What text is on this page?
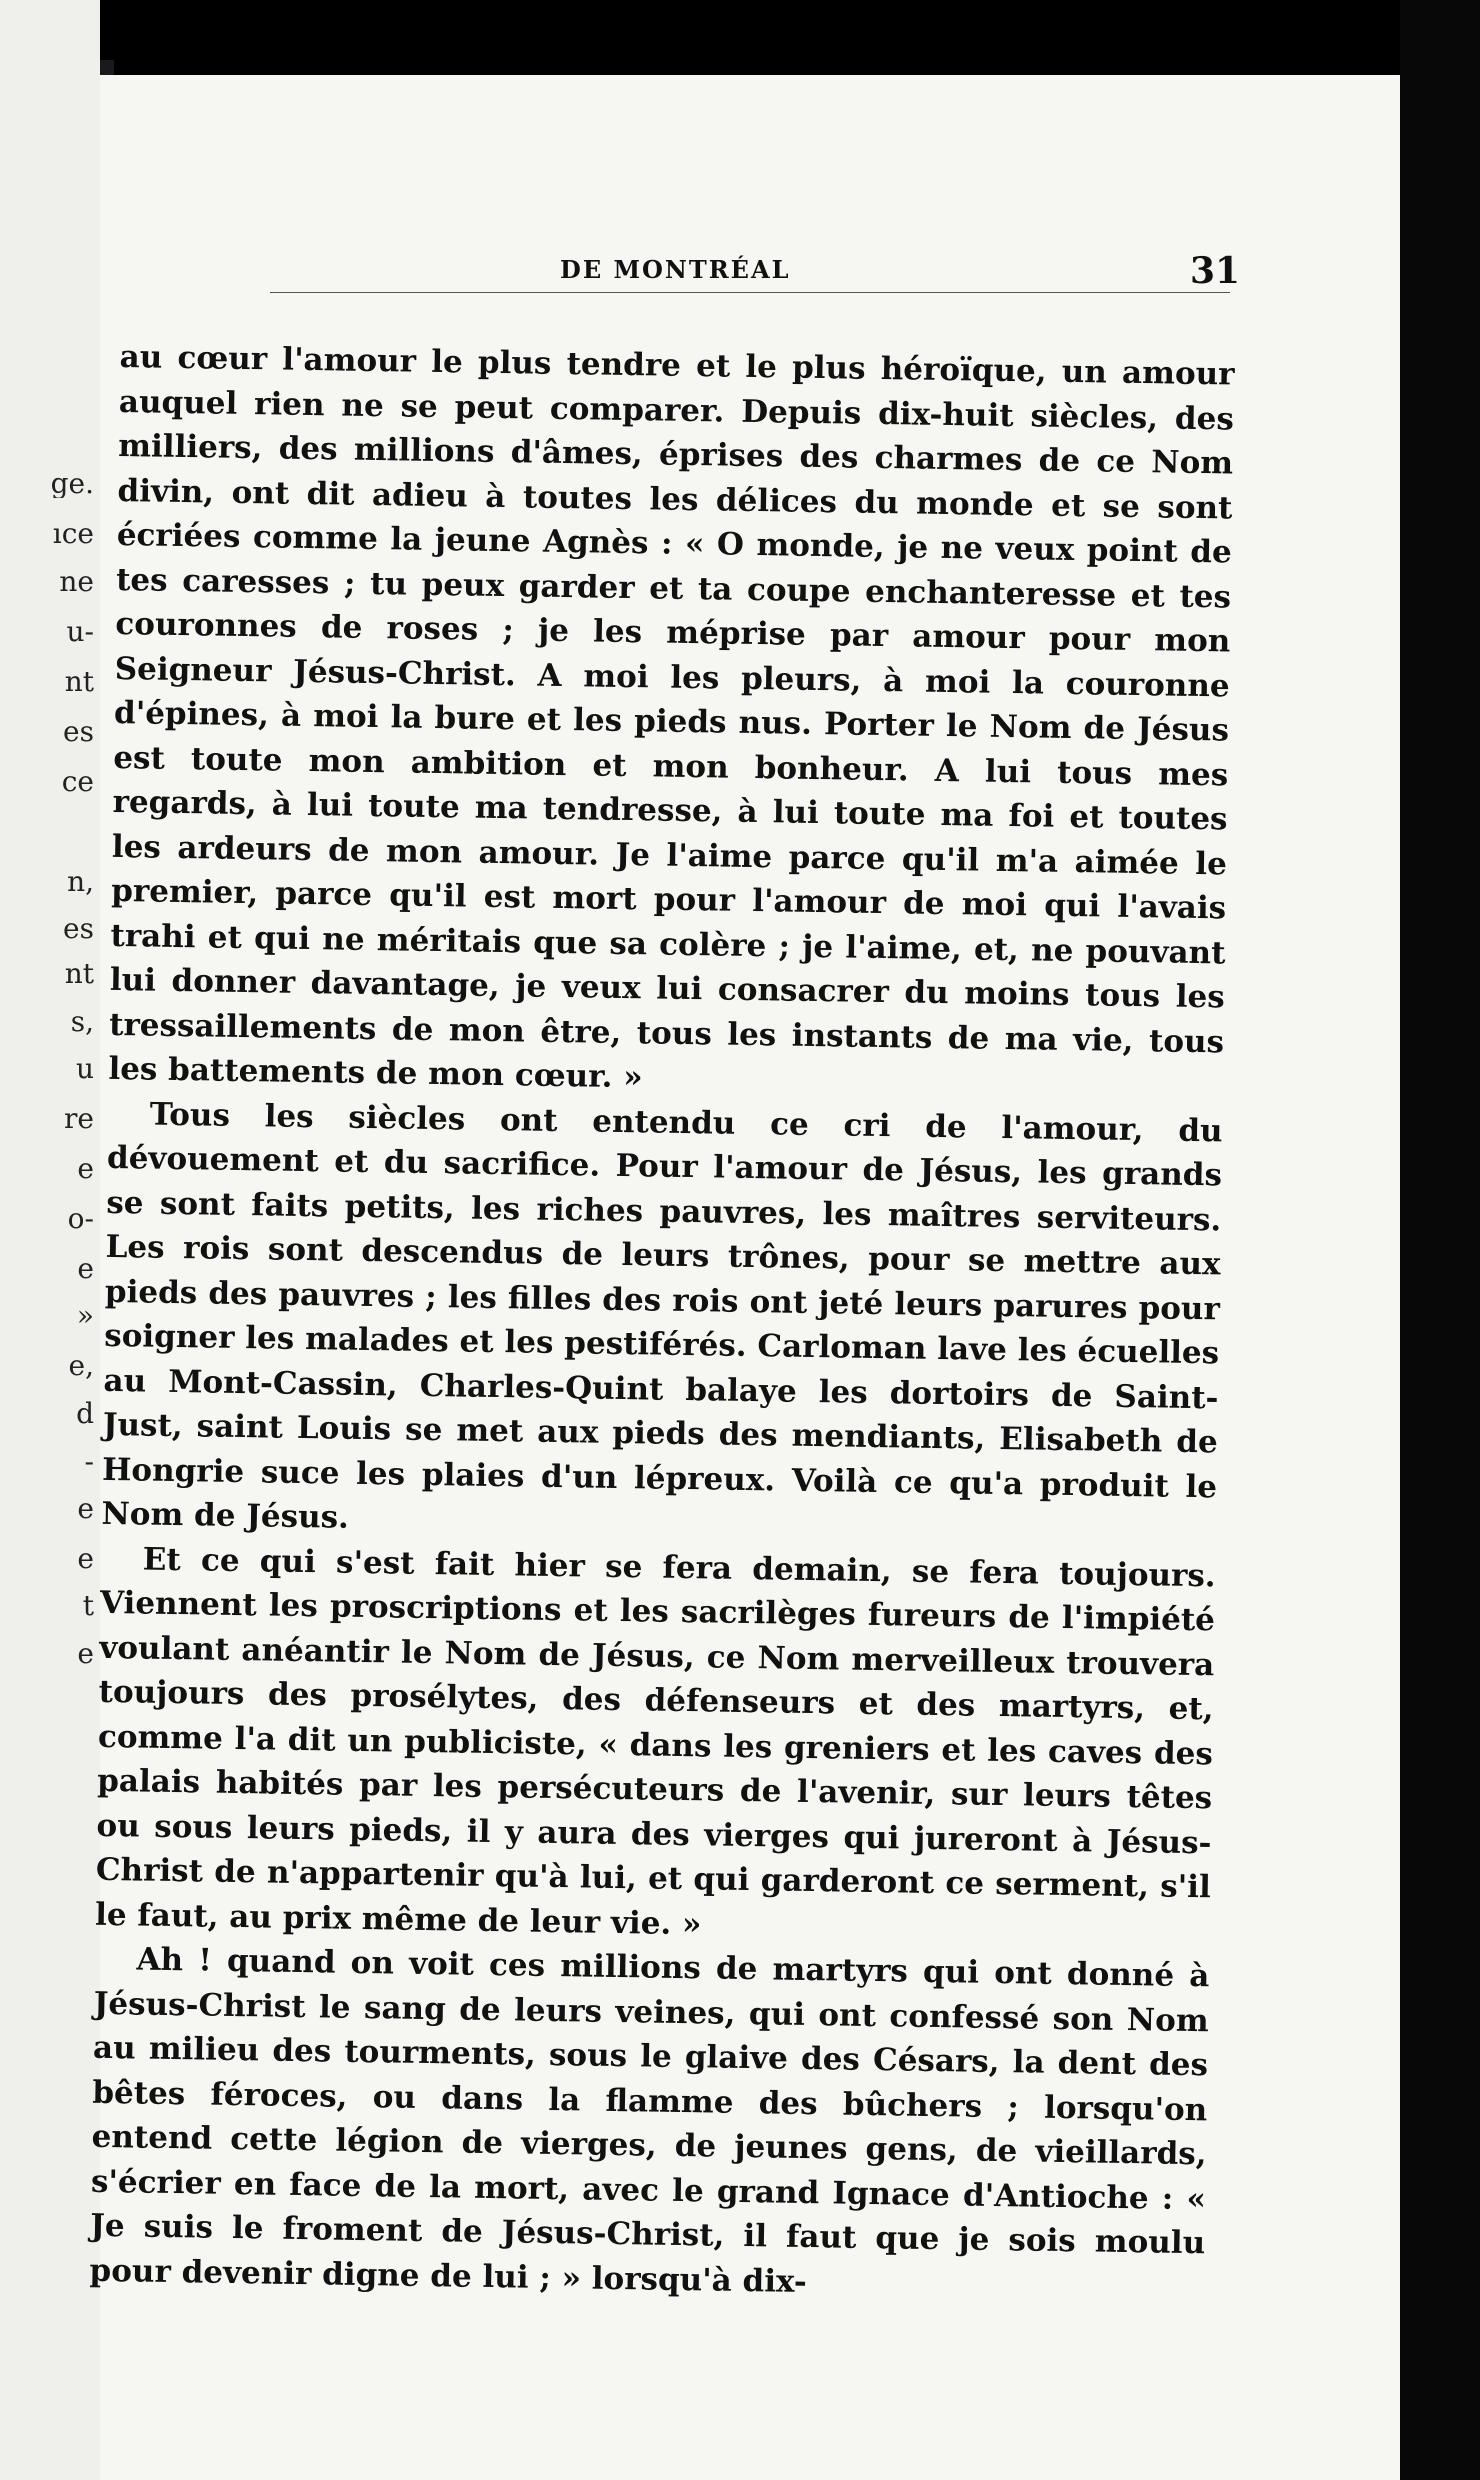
ge.
ıce
ne
u-
nt
es
ce
n,
es
nt
s,
u
re
e
o-
e
»
e,
d
-
e
e
t
e
DE MONTRÉAL	31

au cœur l'amour le plus tendre et le plus héroïque, un amour auquel rien ne se peut comparer. Depuis dix-huit siècles, des milliers, des millions d'âmes, éprises des charmes de ce Nom divin, ont dit adieu à toutes les délices du monde et se sont écriées comme la jeune Agnès : « O monde, je ne veux point de tes caresses ; tu peux garder et ta coupe enchanteresse et tes couronnes de roses ; je les méprise par amour pour mon Seigneur Jésus-Christ. A moi les pleurs, à moi la couronne d'épines, à moi la bure et les pieds nus. Porter le Nom de Jésus est toute mon ambition et mon bonheur. A lui tous mes regards, à lui toute ma tendresse, à lui toute ma foi et toutes les ardeurs de mon amour. Je l'aime parce qu'il m'a aimée le premier, parce qu'il est mort pour l'amour de moi qui l'avais trahi et qui ne méritais que sa colère ; je l'aime, et, ne pouvant lui donner davantage, je veux lui consacrer du moins tous les tressaillements de mon être, tous les instants de ma vie, tous les battements de mon cœur. »

Tous les siècles ont entendu ce cri de l'amour, du dévouement et du sacrifice. Pour l'amour de Jésus, les grands se sont faits petits, les riches pauvres, les maîtres serviteurs. Les rois sont descendus de leurs trônes, pour se mettre aux pieds des pauvres ; les filles des rois ont jeté leurs parures pour soigner les malades et les pestiférés. Carloman lave les écuelles au Mont-Cassin, Charles-Quint balaye les dortoirs de Saint-Just, saint Louis se met aux pieds des mendiants, Elisabeth de Hongrie suce les plaies d'un lépreux. Voilà ce qu'a produit le Nom de Jésus.

Et ce qui s'est fait hier se fera demain, se fera toujours. Viennent les proscriptions et les sacrilèges fureurs de l'impiété voulant anéantir le Nom de Jésus, ce Nom merveilleux trouvera toujours des prosélytes, des défenseurs et des martyrs, et, comme l'a dit un publiciste, « dans les greniers et les caves des palais habités par les persécuteurs de l'avenir, sur leurs têtes ou sous leurs pieds, il y aura des vierges qui jureront à Jésus-Christ de n'appartenir qu'à lui, et qui garderont ce serment, s'il le faut, au prix même de leur vie. »

Ah ! quand on voit ces millions de martyrs qui ont donné à Jésus-Christ le sang de leurs veines, qui ont confessé son Nom au milieu des tourments, sous le glaive des Césars, la dent des bêtes féroces, ou dans la flamme des bûchers ; lorsqu'on entend cette légion de vierges, de jeunes gens, de vieillards, s'écrier en face de la mort, avec le grand Ignace d'Antioche : « Je suis le froment de Jésus-Christ, il faut que je sois moulu pour devenir digne de lui ; » lorsqu'à dix-
